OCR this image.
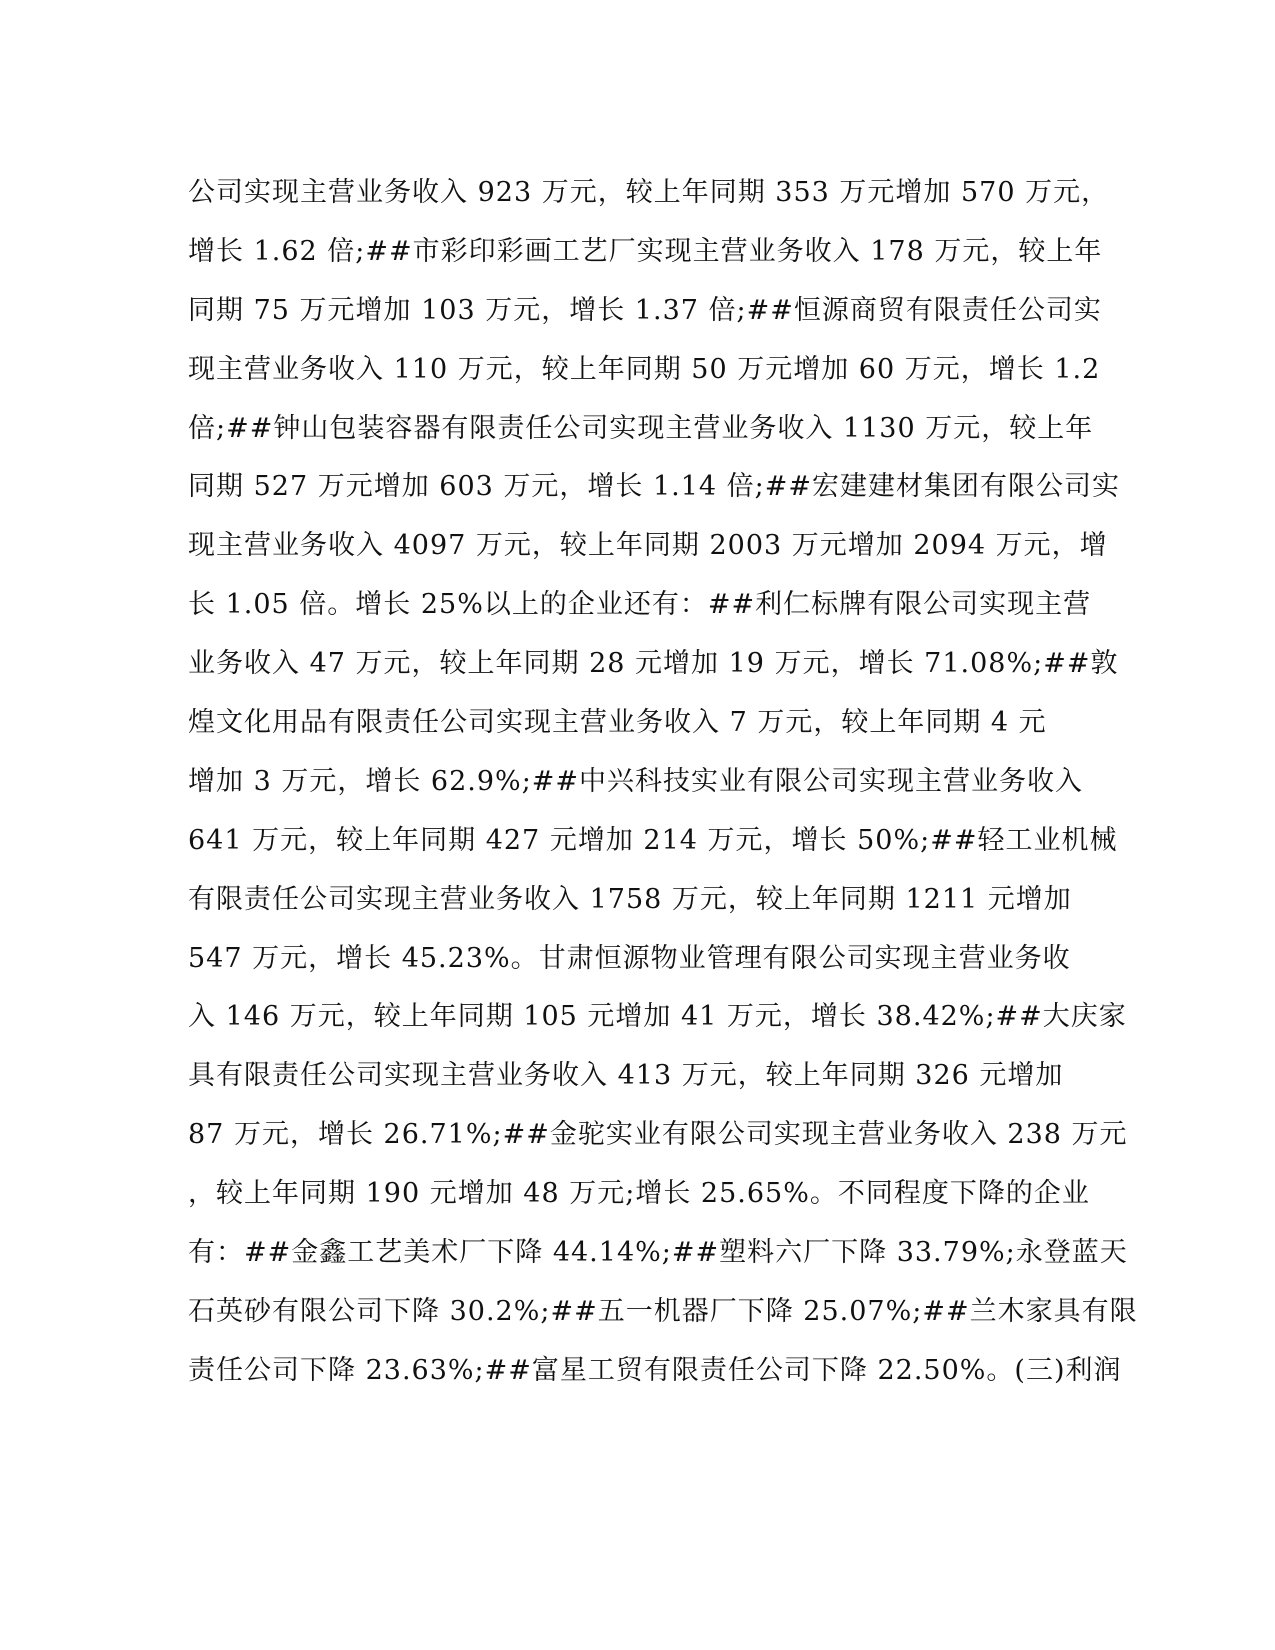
公司实现主营业务收入 923 万元，较上年同期 353 万元增加 570 万元，
增长 1.62 倍;##市彩印彩画工艺厂实现主营业务收入 178 万元，较上年
同期 75 万元增加 103 万元，增长 1.37 倍;##恒源商贸有限责任公司实
现主营业务收入 110 万元，较上年同期 50 万元增加 60 万元，增长 1.2
倍;##钟山包装容器有限责任公司实现主营业务收入 1130 万元，较上年
同期 527 万元增加 603 万元，增长 1.14 倍;##宏建建材集团有限公司实
现主营业务收入 4097 万元，较上年同期 2003 万元增加 2094 万元，增
长 1.05 倍。增长 25%以上的企业还有：##利仁标牌有限公司实现主营
业务收入 47 万元，较上年同期 28 元增加 19 万元，增长 71.08%;##敦
煌文化用品有限责任公司实现主营业务收入 7 万元，较上年同期 4 元
增加 3 万元，增长 62.9%;##中兴科技实业有限公司实现主营业务收入
641 万元，较上年同期 427 元增加 214 万元，增长 50%;##轻工业机械
有限责任公司实现主营业务收入 1758 万元，较上年同期 1211 元增加
547 万元，增长 45.23%。甘肃恒源物业管理有限公司实现主营业务收
入 146 万元，较上年同期 105 元增加 41 万元，增长 38.42%;##大庆家
具有限责任公司实现主营业务收入 413 万元，较上年同期 326 元增加
87 万元，增长 26.71%;##金驼实业有限公司实现主营业务收入 238 万元
，较上年同期 190 元增加 48 万元;增长 25.65%。不同程度下降的企业
有：##金鑫工艺美术厂下降 44.14%;##塑料六厂下降 33.79%;永登蓝天
石英砂有限公司下降 30.2%;##五一机器厂下降 25.07%;##兰木家具有限
责任公司下降 23.63%;##富星工贸有限责任公司下降 22.50%。(三)利润
